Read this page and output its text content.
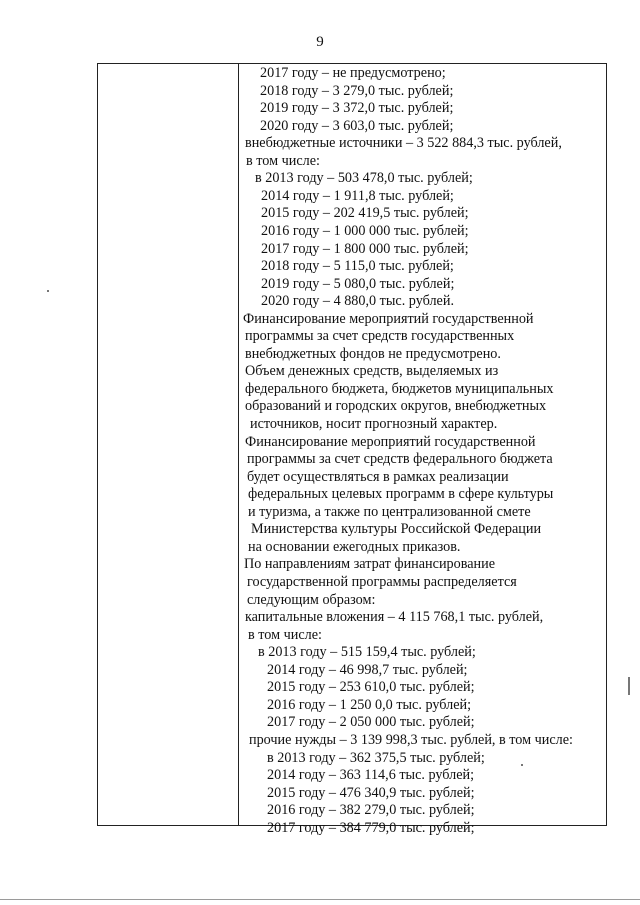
9
2017 году – не предусмотрено;
2018 году – 3 279,0 тыс. рублей;
2019 году – 3 372,0 тыс. рублей;
2020 году – 3 603,0 тыс. рублей;
внебюджетные источники – 3 522 884,3 тыс. рублей,
в том числе:
в 2013 году – 503 478,0 тыс. рублей;
2014 году – 1 911,8 тыс. рублей;
2015 году – 202 419,5 тыс. рублей;
2016 году – 1 000 000 тыс. рублей;
2017 году – 1 800 000 тыс. рублей;
2018 году – 5 115,0 тыс. рублей;
2019 году – 5 080,0 тыс. рублей;
2020 году – 4 880,0 тыс. рублей.
Финансирование мероприятий государственной
программы за счет средств государственных
внебюджетных фондов не предусмотрено.
Объем денежных средств, выделяемых из
федерального бюджета, бюджетов муниципальных
образований и городских округов, внебюджетных
источников, носит прогнозный характер.
Финансирование мероприятий государственной
программы за счет средств федерального бюджета
будет осуществляться в рамках реализации
федеральных целевых программ в сфере культуры
и туризма, а также по централизованной смете
Министерства культуры Российской Федерации
на основании ежегодных приказов.
По направлениям затрат финансирование
государственной программы распределяется
следующим образом:
капитальные вложения – 4 115 768,1 тыс. рублей,
в том числе:
в 2013 году – 515 159,4 тыс. рублей;
2014 году – 46 998,7 тыс. рублей;
2015 году – 253 610,0 тыс. рублей;
2016 году – 1 250 0,0 тыс. рублей;
2017 году – 2 050 000 тыс. рублей;
прочие нужды – 3 139 998,3 тыс. рублей, в том числе:
в 2013 году – 362 375,5 тыс. рублей;
2014 году – 363 114,6 тыс. рублей;
2015 году – 476 340,9 тыс. рублей;
2016 году – 382 279,0 тыс. рублей;
2017 году – 384 779,0 тыс. рублей;
